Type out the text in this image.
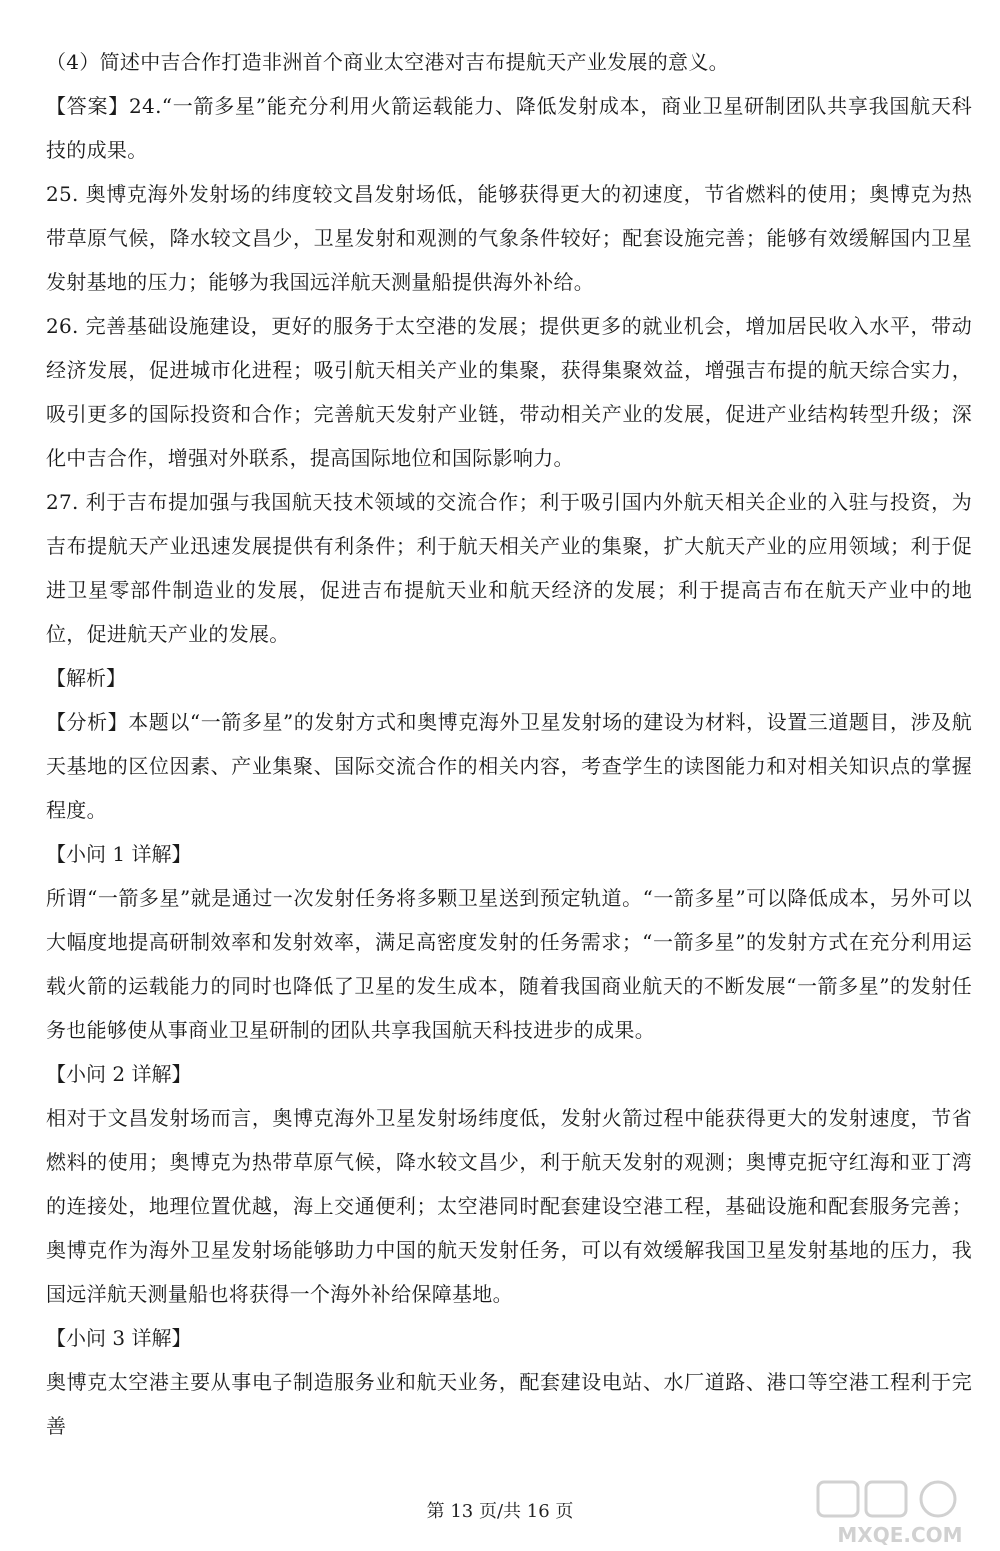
（4）简述中吉合作打造非洲首个商业太空港对吉布提航天产业发展的意义。

【答案】24.“一箭多星”能充分利用火箭运载能力、降低发射成本，商业卫星研制团队共享我国航天科技的成果。

25. 奥博克海外发射场的纬度较文昌发射场低，能够获得更大的初速度，节省燃料的使用；奥博克为热带草原气候，降水较文昌少，卫星发射和观测的气象条件较好；配套设施完善；能够有效缓解国内卫星发射基地的压力；能够为我国远洋航天测量船提供海外补给。

26. 完善基础设施建设，更好的服务于太空港的发展；提供更多的就业机会，增加居民收入水平，带动经济发展，促进城市化进程；吸引航天相关产业的集聚，获得集聚效益，增强吉布提的航天综合实力，吸引更多的国际投资和合作；完善航天发射产业链，带动相关产业的发展，促进产业结构转型升级；深化中吉合作，增强对外联系，提高国际地位和国际影响力。

27. 利于吉布提加强与我国航天技术领域的交流合作；利于吸引国内外航天相关企业的入驻与投资，为吉布提航天产业迅速发展提供有利条件；利于航天相关产业的集聚，扩大航天产业的应用领域；利于促进卫星零部件制造业的发展，促进吉布提航天业和航天经济的发展；利于提高吉布在航天产业中的地位，促进航天产业的发展。

【解析】

【分析】本题以“一箭多星”的发射方式和奥博克海外卫星发射场的建设为材料，设置三道题目，涉及航天基地的区位因素、产业集聚、国际交流合作的相关内容，考查学生的读图能力和对相关知识点的掌握程度。

【小问 1 详解】

所谓“一箭多星”就是通过一次发射任务将多颗卫星送到预定轨道。“一箭多星”可以降低成本，另外可以大幅度地提高研制效率和发射效率，满足高密度发射的任务需求；“一箭多星”的发射方式在充分利用运载火箭的运载能力的同时也降低了卫星的发生成本，随着我国商业航天的不断发展“一箭多星”的发射任务也能够使从事商业卫星研制的团队共享我国航天科技进步的成果。

【小问 2 详解】

相对于文昌发射场而言，奥博克海外卫星发射场纬度低，发射火箭过程中能获得更大的发射速度，节省燃料的使用；奥博克为热带草原气候，降水较文昌少，利于航天发射的观测；奥博克扼守红海和亚丁湾的连接处，地理位置优越，海上交通便利；太空港同时配套建设空港工程，基础设施和配套服务完善；奥博克作为海外卫星发射场能够助力中国的航天发射任务，可以有效缓解我国卫星发射基地的压力，我国远洋航天测量船也将获得一个海外补给保障基地。

【小问 3 详解】

奥博克太空港主要从事电子制造服务业和航天业务，配套建设电站、水厂道路、港口等空港工程利于完善

第 13 页/共 16 页
MXQE.COM
